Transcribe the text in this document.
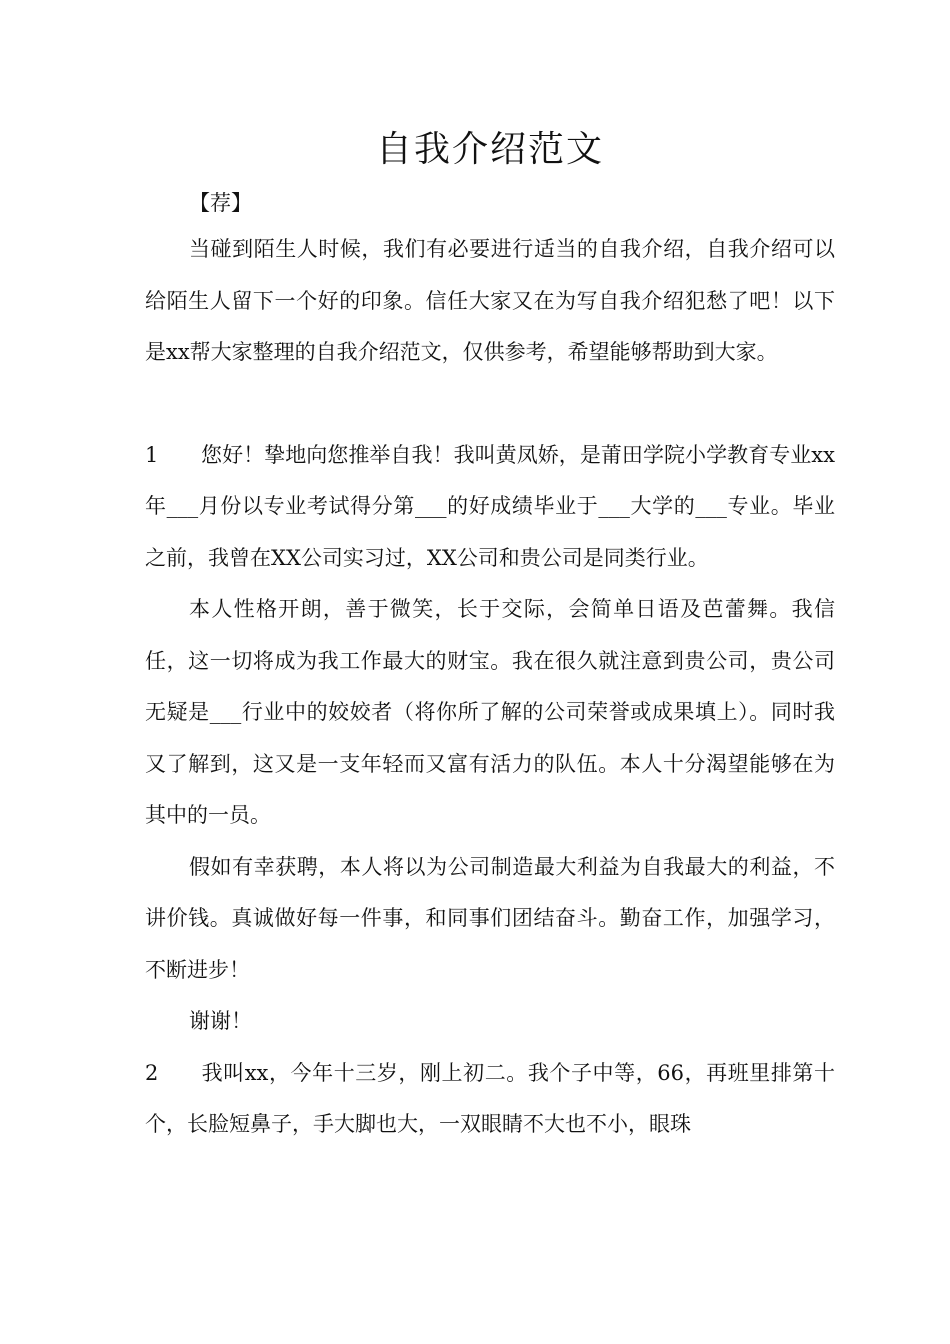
自我介绍范文

【荐】

当碰到陌生人时候，我们有必要进行适当的自我介绍，自我介绍可以给陌生人留下一个好的印象。信任大家又在为写自我介绍犯愁了吧！以下是xx帮大家整理的自我介绍范文，仅供参考，希望能够帮助到大家。

1 您好！挚地向您推举自我！我叫黄凤娇，是莆田学院小学教育专业xx年___月份以专业考试得分第___的好成绩毕业于___大学的___专业。毕业之前，我曾在XX公司实习过，XX公司和贵公司是同类行业。

本人性格开朗，善于微笑，长于交际，会简单日语及芭蕾舞。我信任，这一切将成为我工作最大的财宝。我在很久就注意到贵公司，贵公司无疑是___行业中的姣姣者（将你所了解的公司荣誉或成果填上）。同时我又了解到，这又是一支年轻而又富有活力的队伍。本人十分渴望能够在为其中的一员。

假如有幸获聘，本人将以为公司制造最大利益为自我最大的利益，不讲价钱。真诚做好每一件事，和同事们团结奋斗。勤奋工作，加强学习，不断进步！

谢谢！

2 我叫xx，今年十三岁，刚上初二。我个子中等，66，再班里排第十个，长脸短鼻子，手大脚也大，一双眼睛不大也不小，眼珠
